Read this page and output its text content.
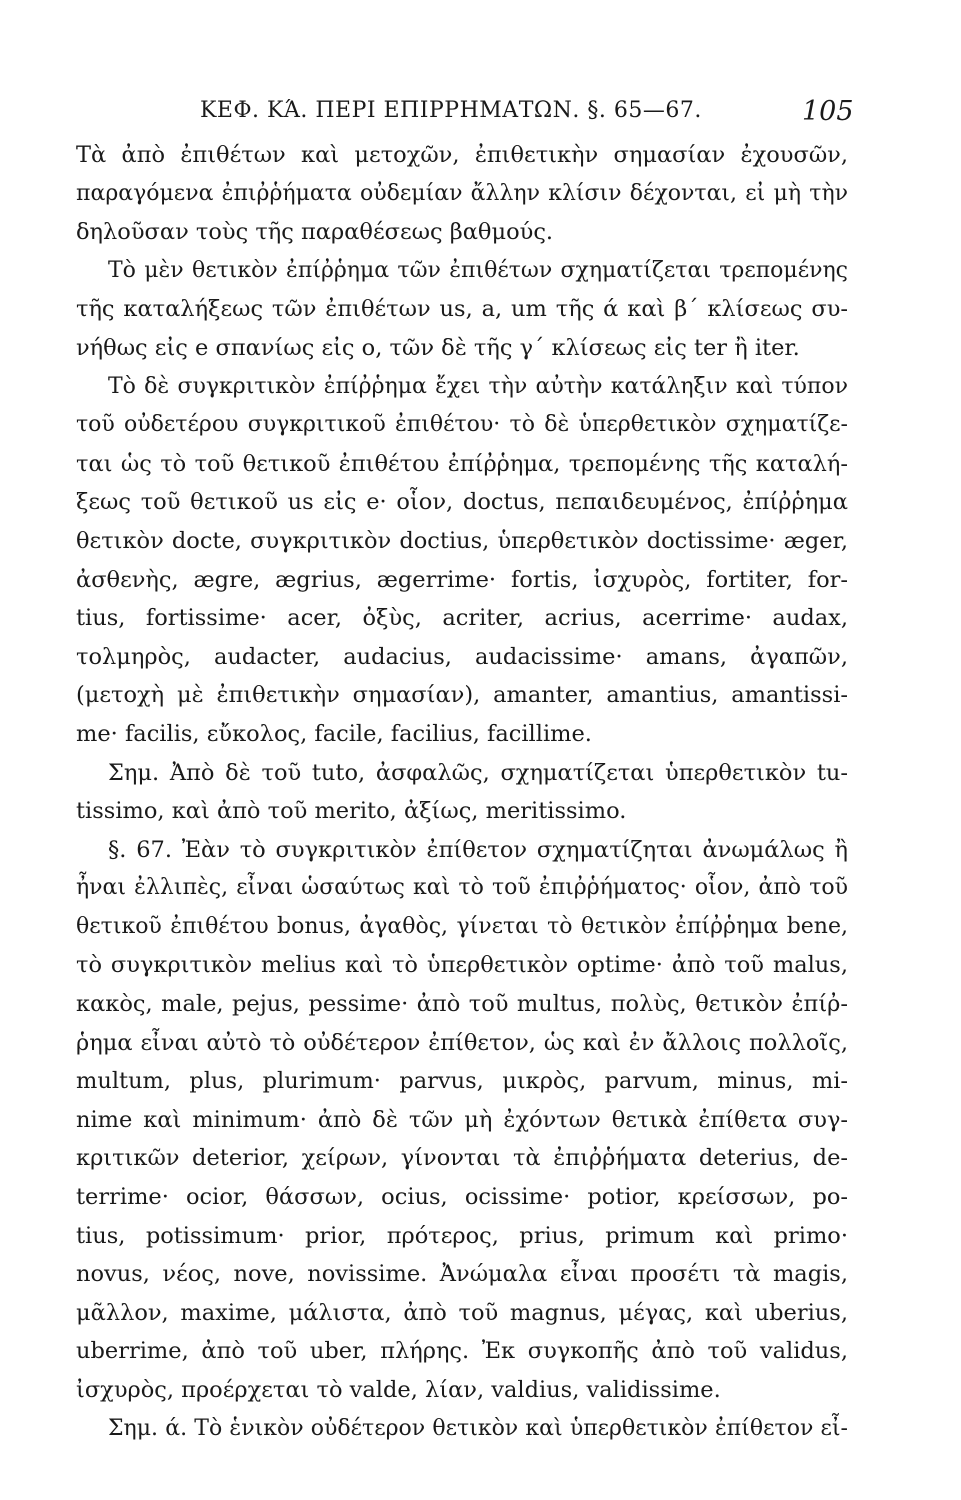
ΚΕΦ. ΚΆ. ΠΕΡΙ ΕΠΙΡΡΗΜΑΤΩΝ. §. 65—67.	105
Τὰ ἀπὸ ἐπιθέτων καὶ μετοχῶν, ἐπιθετικὴν σημασίαν ἐχουσῶν,
παραγόμενα ἐπιῤῥήματα οὐδεμίαν ἄλλην κλίσιν δέχονται, εἰ μὴ τὴν
δηλοῦσαν τοὺς τῆς παραθέσεως βαθμούς.
Τὸ μὲν θετικὸν ἐπίῤῥημα τῶν ἐπιθέτων σχηματίζεται τρεπομένης
τῆς καταλήξεως τῶν ἐπιθέτων us, a, um τῆς ά καὶ β΄ κλίσεως συ-
νήθως εἰς e σπανίως εἰς o, τῶν δὲ τῆς γ΄ κλίσεως εἰς ter ἢ iter.
Τὸ δὲ συγκριτικὸν ἐπίῤῥημα ἔχει τὴν αὐτὴν κατάληξιν καὶ τύπον
τοῦ οὐδετέρου συγκριτικοῦ ἐπιθέτου· τὸ δὲ ὑπερθετικὸν σχηματίζε-
ται ὡς τὸ τοῦ θετικοῦ ἐπιθέτου ἐπίῤῥημα, τρεπομένης τῆς καταλή-
ξεως τοῦ θετικοῦ us εἰς e· οἷον, doctus, πεπαιδευμένος, ἐπίῤῥημα
θετικὸν docte, συγκριτικὸν doctius, ὑπερθετικὸν doctissime· æger,
ἀσθενὴς, ægre, ægrius, ægerrime· fortis, ἰσχυρὸς, fortiter, for-
tius, fortissime· acer, ὀξὺς, acriter, acrius, acerrime· audax,
τολμηρὸς, audacter, audacius, audacissime· amans, ἀγαπῶν,
(μετοχὴ μὲ ἐπιθετικὴν σημασίαν), amanter, amantius, amantissi-
me· facilis, εὔκολος, facile, facilius, facillime.
Σημ. Ἀπὸ δὲ τοῦ tuto, ἀσφαλῶς, σχηματίζεται ὑπερθετικὸν tu-
tissimo, καὶ ἀπὸ τοῦ merito, ἀξίως, meritissimo.
§. 67. Ἐὰν τὸ συγκριτικὸν ἐπίθετον σχηματίζηται ἀνωμάλως ἢ
ἦναι ἐλλιπὲς, εἶναι ὡσαύτως καὶ τὸ τοῦ ἐπιῤῥήματος· οἷον, ἀπὸ τοῦ
θετικοῦ ἐπιθέτου bonus, ἀγαθὸς, γίνεται τὸ θετικὸν ἐπίῤῥημα bene,
τὸ συγκριτικὸν melius καὶ τὸ ὑπερθετικὸν optime· ἀπὸ τοῦ malus,
κακὸς, male, pejus, pessime· ἀπὸ τοῦ multus, πολὺς, θετικὸν ἐπίῤ-
ῥημα εἶναι αὐτὸ τὸ οὐδέτερον ἐπίθετον, ὡς καὶ ἐν ἄλλοις πολλοῖς,
multum, plus, plurimum· parvus, μικρὸς, parvum, minus, mi-
nime καὶ minimum· ἀπὸ δὲ τῶν μὴ ἐχόντων θετικὰ ἐπίθετα συγ-
κριτικῶν deterior, χείρων, γίνονται τὰ ἐπιῤῥήματα deterius, de-
terrime· ocior, θάσσων, ocius, ocissime· potior, κρείσσων, po-
tius, potissimum· prior, πρότερος, prius, primum καὶ primo·
novus, νέος, nove, novissime. Ἀνώμαλα εἶναι προσέτι τὰ magis,
μᾶλλον, maxime, μάλιστα, ἀπὸ τοῦ magnus, μέγας, καὶ uberius,
uberrime, ἀπὸ τοῦ uber, πλήρης. Ἐκ συγκοπῆς ἀπὸ τοῦ validus,
ἰσχυρὸς, προέρχεται τὸ valde, λίαν, valdius, validissime.
Σημ. ά. Τὸ ἑνικὸν οὐδέτερον θετικὸν καὶ ὑπερθετικὸν ἐπίθετον εἶ-
